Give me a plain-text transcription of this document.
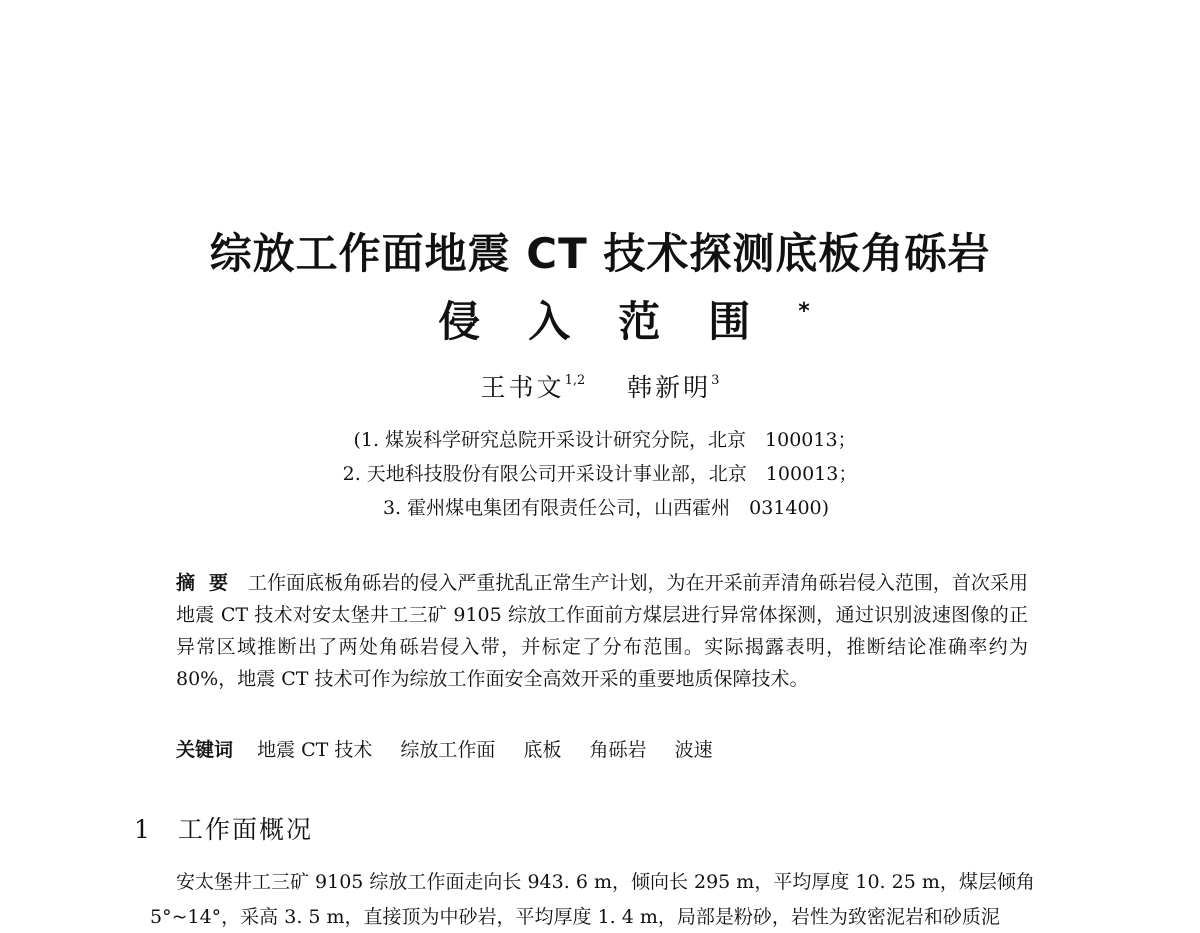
综放工作面地震 CT 技术探测底板角砾岩
侵入范围*
王书文$^{1,2}$ 韩新明$^3$
(1. 煤炭科学研究总院开采设计研究分院，北京　100013；
2. 天地科技股份有限公司开采设计事业部，北京　100013；
3. 霍州煤电集团有限责任公司，山西霍州　031400)
摘要 工作面底板角砾岩的侵入严重扰乱正常生产计划，为在开采前弄清角砾岩侵入范围，首次采用地震 CT 技术对安太堡井工三矿 9105 综放工作面前方煤层进行异常体探测，通过识别波速图像的正异常区域推断出了两处角砾岩侵入带，并标定了分布范围。实际揭露表明，推断结论准确率约为 80%，地震 CT 技术可作为综放工作面安全高效开采的重要地质保障技术。
关键词 地震 CT 技术 综放工作面 底板 角砾岩 波速
1 工作面概况
安太堡井工三矿 9105 综放工作面走向长 943. 6 m，倾向长 295 m，平均厚度 10. 25 m，煤层倾角
5°~14°，采高 3. 5 m，直接顶为中砂岩，平均厚度 1. 4 m，局部是粉砂，岩性为致密泥岩和砂质泥
